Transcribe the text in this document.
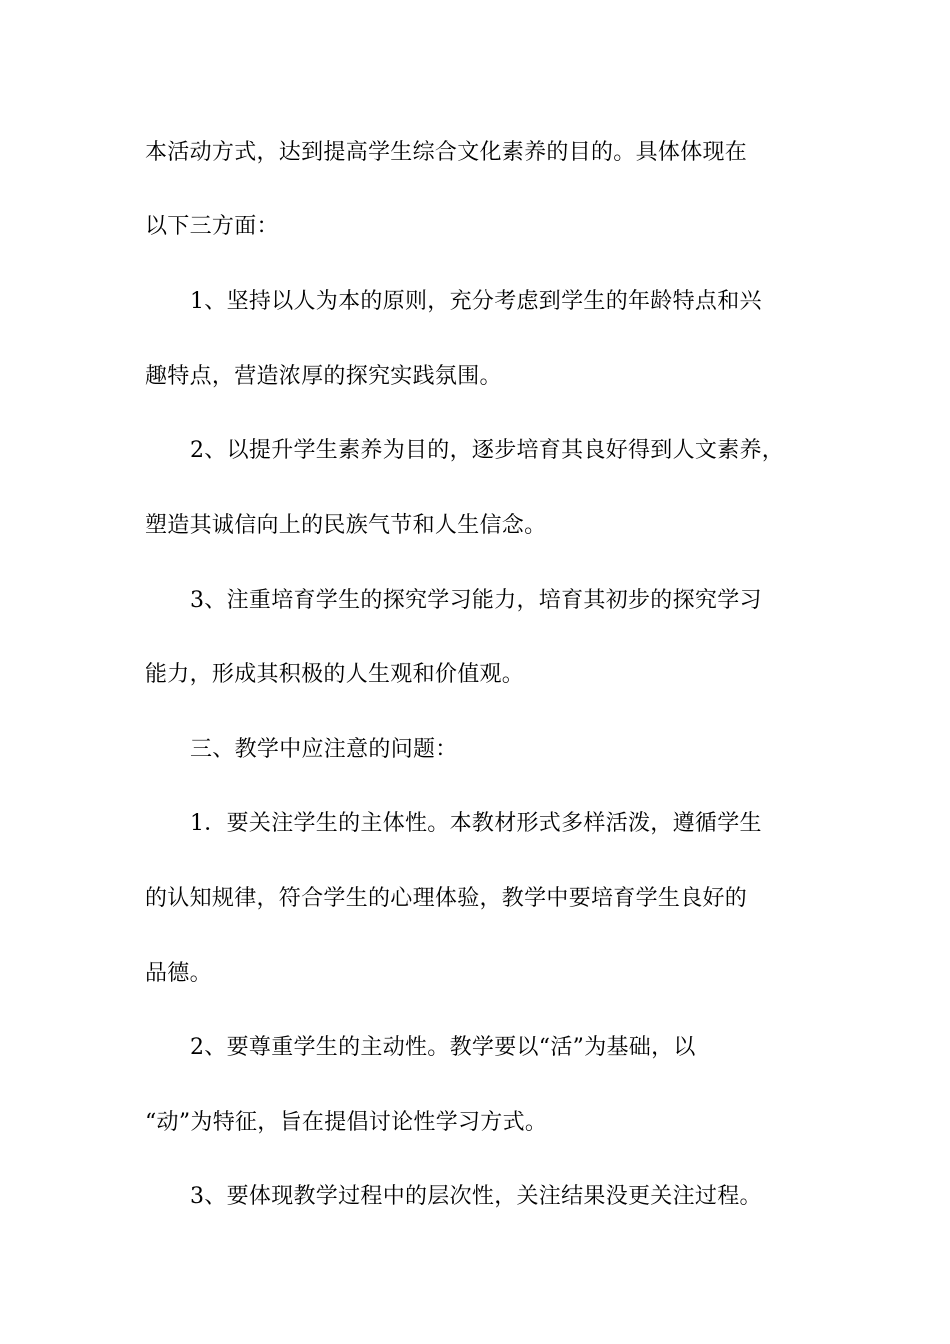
本活动方式，达到提高学生综合文化素养的目的。具体体现在
以下三方面：
1、坚持以人为本的原则，充分考虑到学生的年龄特点和兴
趣特点，营造浓厚的探究实践氛围。
2、以提升学生素养为目的，逐步培育其良好得到人文素养，
塑造其诚信向上的民族气节和人生信念。
3、注重培育学生的探究学习能力，培育其初步的探究学习
能力，形成其积极的人生观和价值观。
三、教学中应注意的问题：
1．要关注学生的主体性。本教材形式多样活泼，遵循学生
的认知规律，符合学生的心理体验，教学中要培育学生良好的
品德。
2、要尊重学生的主动性。教学要以“活”为基础，以
“动”为特征，旨在提倡讨论性学习方式。
3、要体现教学过程中的层次性，关注结果没更关注过程。
